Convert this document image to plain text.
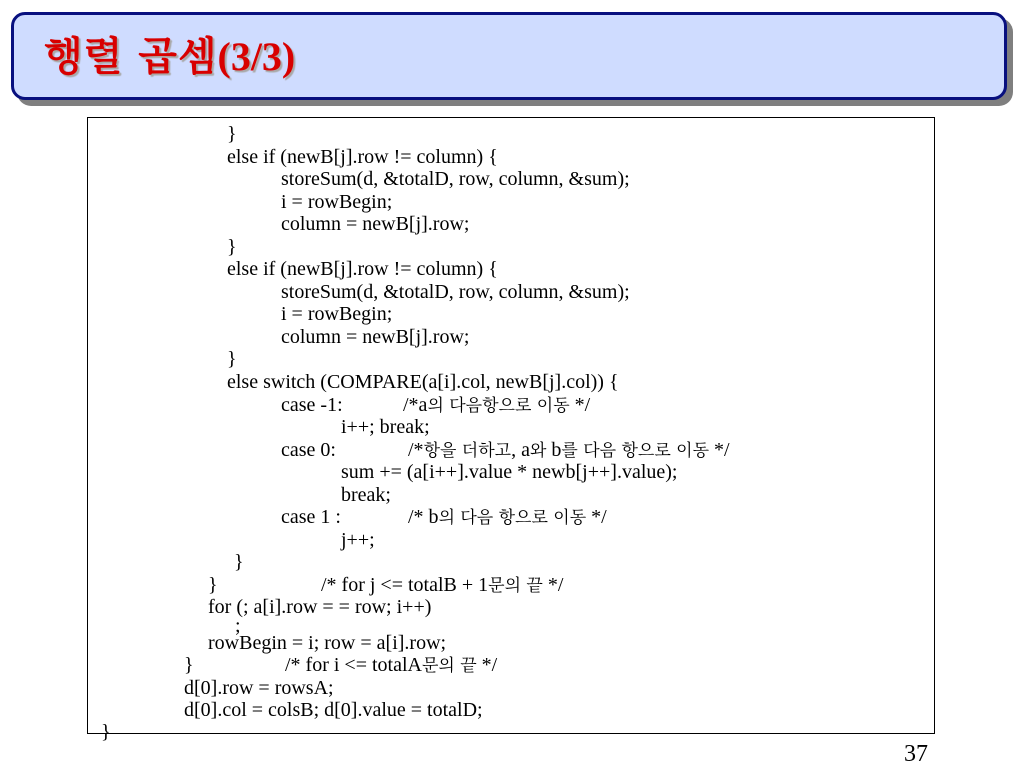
행렬 곱셈(3/3)
}
else if (newB[j].row != column) {
storeSum(d, &totalD, row, column, &sum);
i = rowBegin;
column = newB[j].row;
}
else if (newB[j].row != column) {
storeSum(d, &totalD, row, column, &sum);
i = rowBegin;
column = newB[j].row;
}
else switch (COMPARE(a[i].col, newB[j].col)) {
case -1:	/*a의 다음항으로 이동 */
i++; break;
case 0:	/*항을 더하고, a와 b를 다음 항으로 이동 */
sum += (a[i++].value * newb[j++].value);
break;
case 1 :	/* b의 다음 항으로 이동 */
j++;
}
}	/* for j <= totalB + 1문의 끝 */
for (; a[i].row = = row; i++)
;
rowBegin = i; row = a[i].row;
}	/* for i <= totalA문의 끝 */
d[0].row = rowsA;
d[0].col = colsB; d[0].value = totalD;
}
37
